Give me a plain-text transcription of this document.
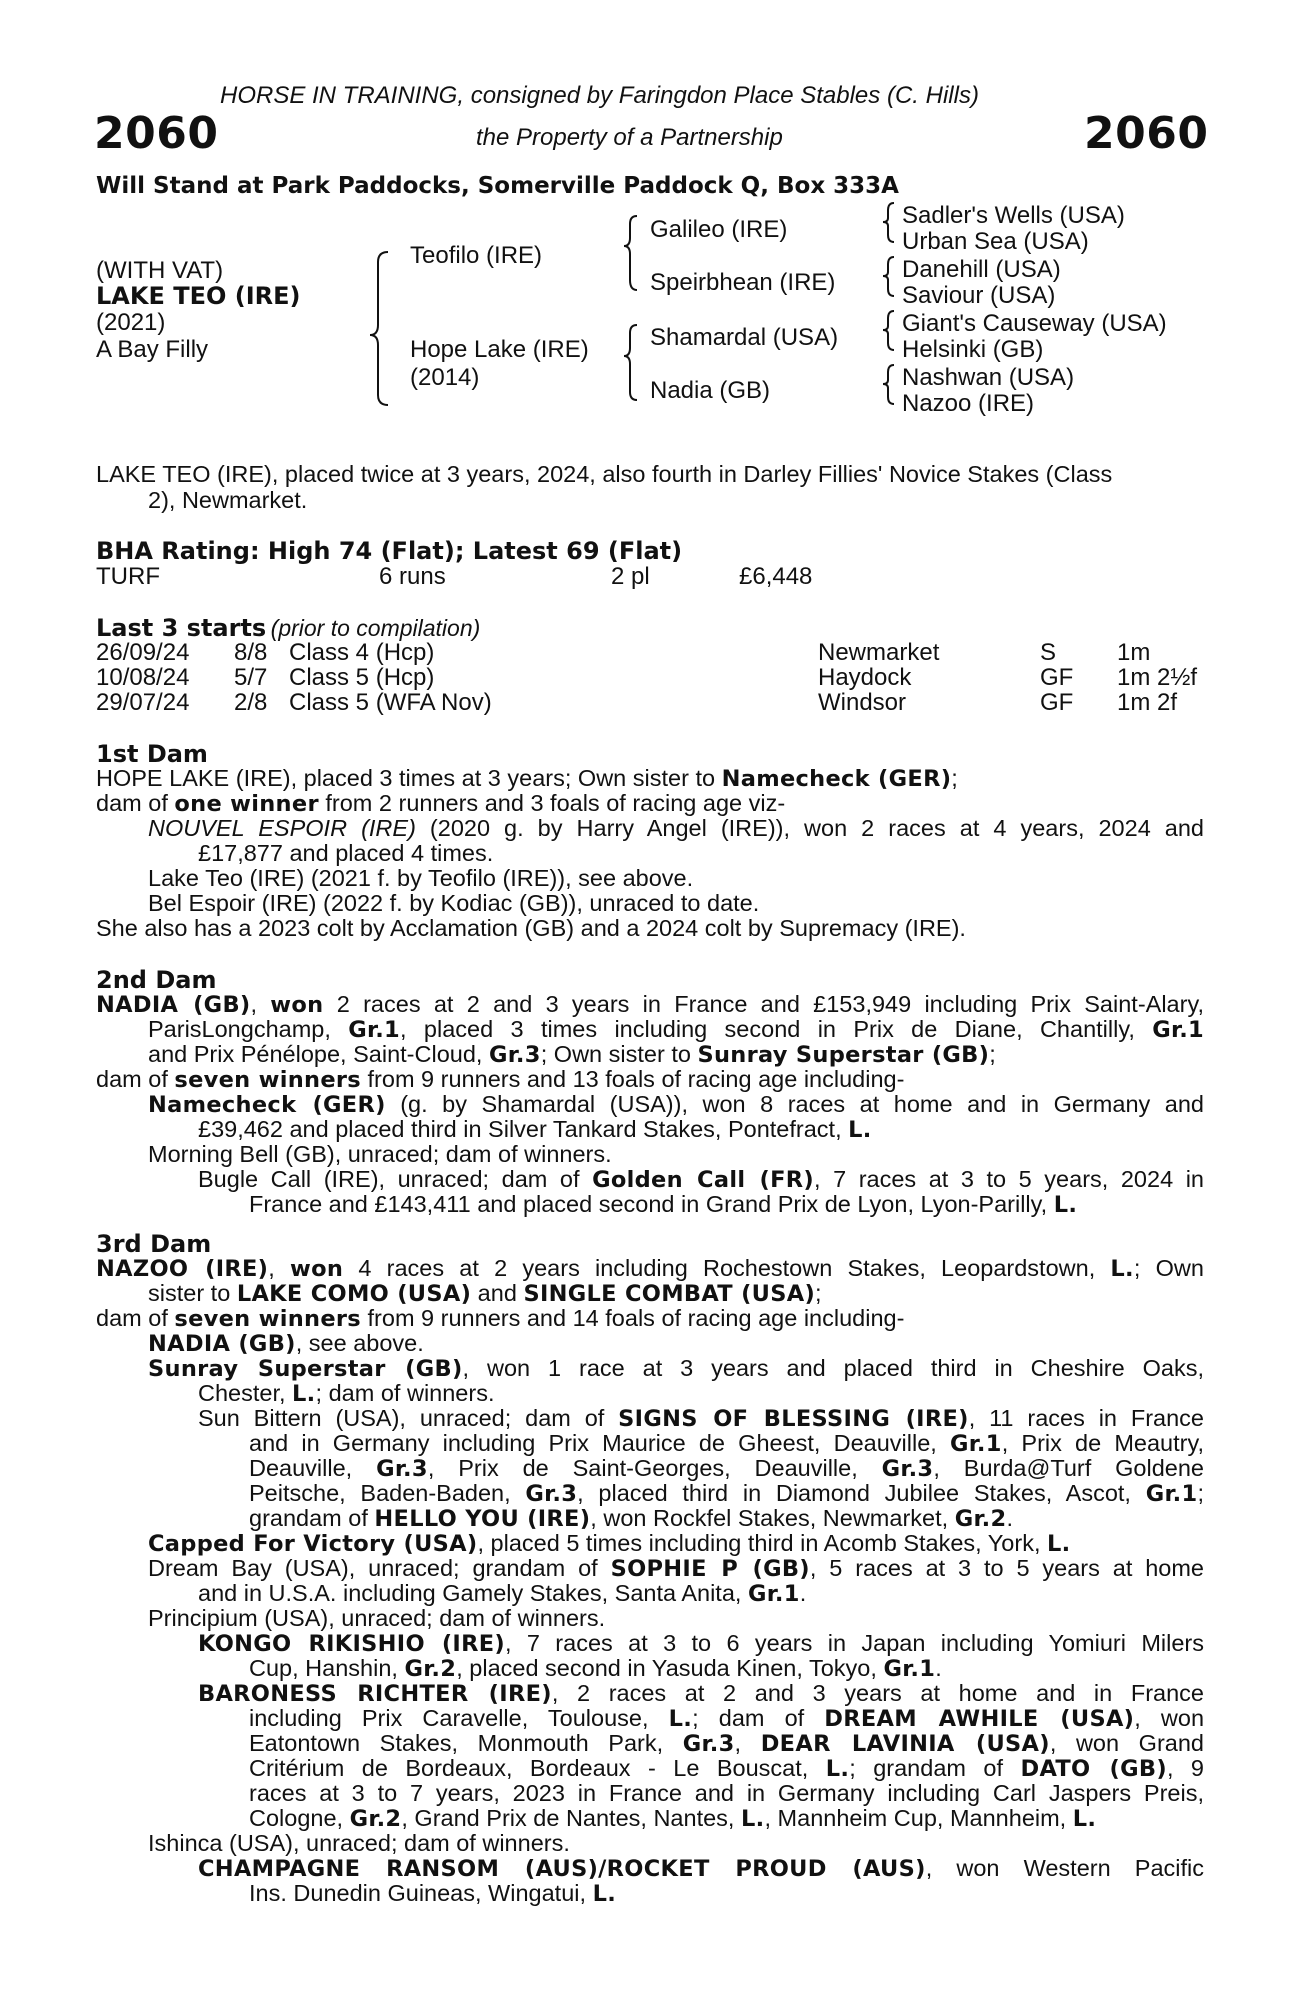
HORSE IN TRAINING, consigned by Faringdon Place Stables (C. Hills)
2060	the Property of a Partnership	2060
Will Stand at Park Paddocks, Somerville Paddock Q, Box 333A
(WITH VAT)
LAKE TEO (IRE)
(2021)
A Bay Filly
Teofilo (IRE)
Hope Lake (IRE)
(2014)
Galileo (IRE)
Speirbhean (IRE)
Shamardal (USA)
Nadia (GB)
Sadler's Wells (USA)
Urban Sea (USA)
Danehill (USA)
Saviour (USA)
Giant's Causeway (USA)
Helsinki (GB)
Nashwan (USA)
Nazoo (IRE)
LAKE TEO (IRE), placed twice at 3 years, 2024, also fourth in Darley Fillies' Novice Stakes (Class
2), Newmarket.
BHA Rating: High 74 (Flat); Latest 69 (Flat)
TURF	6 runs	2 pl	£6,448
Last 3 starts (prior to compilation)
26/09/24 8/8 Class 4 (Hcp)	Newmarket	S	1m
10/08/24 5/7 Class 5 (Hcp)	Haydock	GF 1m 2½f
29/07/24 2/8 Class 5 (WFA Nov)	Windsor	GF 1m 2f
1st Dam
HOPE LAKE (IRE), placed 3 times at 3 years; Own sister to Namecheck (GER);
dam of one winner from 2 runners and 3 foals of racing age viz-
NOUVEL ESPOIR (IRE) (2020 g. by Harry Angel (IRE)), won 2 races at 4 years, 2024 and
£17,877 and placed 4 times.
Lake Teo (IRE) (2021 f. by Teofilo (IRE)), see above.
Bel Espoir (IRE) (2022 f. by Kodiac (GB)), unraced to date.
She also has a 2023 colt by Acclamation (GB) and a 2024 colt by Supremacy (IRE).
2nd Dam
NADIA (GB), won 2 races at 2 and 3 years in France and £153,949 including Prix Saint-Alary,
ParisLongchamp, Gr.1, placed 3 times including second in Prix de Diane, Chantilly, Gr.1
and Prix Pénélope, Saint-Cloud, Gr.3; Own sister to Sunray Superstar (GB);
dam of seven winners from 9 runners and 13 foals of racing age including-
Namecheck (GER) (g. by Shamardal (USA)), won 8 races at home and in Germany and
£39,462 and placed third in Silver Tankard Stakes, Pontefract, L.
Morning Bell (GB), unraced; dam of winners.
Bugle Call (IRE), unraced; dam of Golden Call (FR), 7 races at 3 to 5 years, 2024 in
France and £143,411 and placed second in Grand Prix de Lyon, Lyon-Parilly, L.
3rd Dam
NAZOO (IRE), won 4 races at 2 years including Rochestown Stakes, Leopardstown, L.; Own
sister to LAKE COMO (USA) and SINGLE COMBAT (USA);
dam of seven winners from 9 runners and 14 foals of racing age including-
NADIA (GB), see above.
Sunray Superstar (GB), won 1 race at 3 years and placed third in Cheshire Oaks,
Chester, L.; dam of winners.
Sun Bittern (USA), unraced; dam of SIGNS OF BLESSING (IRE), 11 races in France
and in Germany including Prix Maurice de Gheest, Deauville, Gr.1, Prix de Meautry,
Deauville, Gr.3, Prix de Saint-Georges, Deauville, Gr.3, Burda@Turf Goldene
Peitsche, Baden-Baden, Gr.3, placed third in Diamond Jubilee Stakes, Ascot, Gr.1;
grandam of HELLO YOU (IRE), won Rockfel Stakes, Newmarket, Gr.2.
Capped For Victory (USA), placed 5 times including third in Acomb Stakes, York, L.
Dream Bay (USA), unraced; grandam of SOPHIE P (GB), 5 races at 3 to 5 years at home
and in U.S.A. including Gamely Stakes, Santa Anita, Gr.1.
Principium (USA), unraced; dam of winners.
KONGO RIKISHIO (IRE), 7 races at 3 to 6 years in Japan including Yomiuri Milers
Cup, Hanshin, Gr.2, placed second in Yasuda Kinen, Tokyo, Gr.1.
BARONESS RICHTER (IRE), 2 races at 2 and 3 years at home and in France
including Prix Caravelle, Toulouse, L.; dam of DREAM AWHILE (USA), won
Eatontown Stakes, Monmouth Park, Gr.3, DEAR LAVINIA (USA), won Grand
Critérium de Bordeaux, Bordeaux - Le Bouscat, L.; grandam of DATO (GB), 9
races at 3 to 7 years, 2023 in France and in Germany including Carl Jaspers Preis,
Cologne, Gr.2, Grand Prix de Nantes, Nantes, L., Mannheim Cup, Mannheim, L.
Ishinca (USA), unraced; dam of winners.
CHAMPAGNE RANSOM (AUS)/ROCKET PROUD (AUS), won Western Pacific
Ins. Dunedin Guineas, Wingatui, L.
